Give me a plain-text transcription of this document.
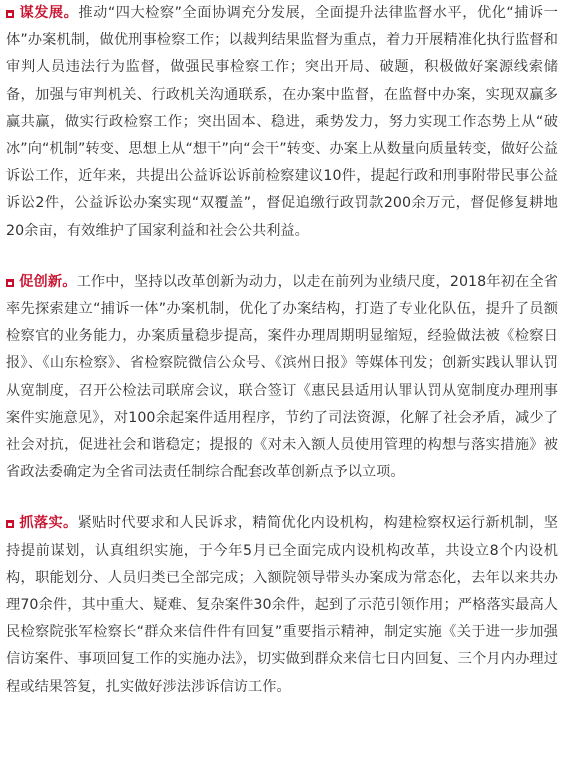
谋发展。推动“四大检察”全面协调充分发展，全面提升法律监督水平，优化“捕诉一体”办案机制，做优刑事检察工作；以裁判结果监督为重点，着力开展精准化执行监督和审判人员违法行为监督，做强民事检察工作；突出开局、破题，积极做好案源线索储备，加强与审判机关、行政机关沟通联系，在办案中监督，在监督中办案，实现双赢多赢共赢，做实行政检察工作；突出固本、稳进，乘势发力，努力实现工作态势上从“破冰”向“机制”转变、思想上从“想干”向“会干”转变、办案上从数量向质量转变，做好公益诉讼工作，近年来，共提出公益诉讼诉前检察建议10件，提起行政和刑事附带民事公益诉讼2件，公益诉讼办案实现“双覆盖”，督促追缴行政罚款200余万元，督促修复耕地20余亩，有效维护了国家利益和社会公共利益。

促创新。工作中，坚持以改革创新为动力，以走在前列为业绩尺度，2018年初在全省率先探索建立“捕诉一体”办案机制，优化了办案结构，打造了专业化队伍，提升了员额检察官的业务能力，办案质量稳步提高，案件办理周期明显缩短，经验做法被《检察日报》、《山东检察》、省检察院微信公众号、《滨州日报》等媒体刊发；创新实践认罪认罚从宽制度，召开公检法司联席会议，联合签订《惠民县适用认罪认罚从宽制度办理刑事案件实施意见》，对100余起案件适用程序，节约了司法资源，化解了社会矛盾，减少了社会对抗，促进社会和谐稳定；提报的《对未入额人员使用管理的构想与落实措施》被省政法委确定为全省司法责任制综合配套改革创新点予以立项。

抓落实。紧贴时代要求和人民诉求，精简优化内设机构，构建检察权运行新机制，坚持提前谋划，认真组织实施，于今年5月已全面完成内设机构改革，共设立8个内设机构，职能划分、人员归类已全部完成；入额院领导带头办案成为常态化，去年以来共办理70余件，其中重大、疑难、复杂案件30余件，起到了示范引领作用；严格落实最高人民检察院张军检察长“群众来信件件有回复”重要指示精神，制定实施《关于进一步加强信访案件、事项回复工作的实施办法》，切实做到群众来信七日内回复、三个月内办理过程或结果答复，扎实做好涉法涉诉信访工作。
